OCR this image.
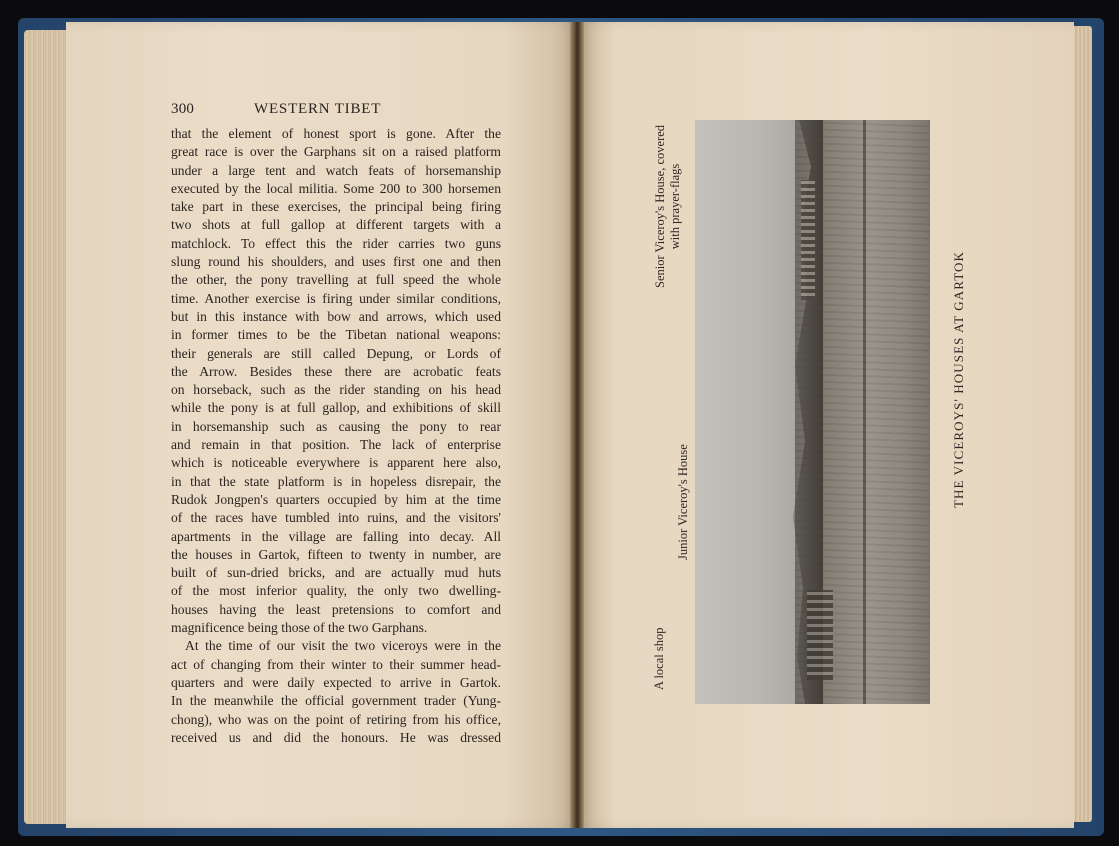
300	WESTERN TIBET
that the element of honest sport is gone. After the
great race is over the Garphans sit on a raised platform
under a large tent and watch feats of horsemanship
executed by the local militia. Some 200 to 300 horsemen
take part in these exercises, the principal being firing
two shots at full gallop at different targets with a
matchlock. To effect this the rider carries two guns
slung round his shoulders, and uses first one and then
the other, the pony travelling at full speed the whole
time. Another exercise is firing under similar conditions,
but in this instance with bow and arrows, which used
in former times to be the Tibetan national weapons:
their generals are still called Depung, or Lords of
the Arrow. Besides these there are acrobatic feats
on horseback, such as the rider standing on his head
while the pony is at full gallop, and exhibitions of skill
in horsemanship such as causing the pony to rear
and remain in that position. The lack of enterprise
which is noticeable everywhere is apparent here also,
in that the state platform is in hopeless disrepair, the
Rudok Jongpen's quarters occupied by him at the time
of the races have tumbled into ruins, and the visitors'
apartments in the village are falling into decay. All
the houses in Gartok, fifteen to twenty in number, are
built of sun-dried bricks, and are actually mud huts
of the most inferior quality, the only two dwelling-
houses having the least pretensions to comfort and
magnificence being those of the two Garphans.
At the time of our visit the two viceroys were in the
act of changing from their winter to their summer head-
quarters and were daily expected to arrive in Gartok.
In the meanwhile the official government trader (Yung-
chong), who was on the point of retiring from his office,
received us and did the honours. He was dressed
A local shop
Junior Viceroy's House
Senior Viceroy's House, covered with prayer-flags
THE VICEROYS' HOUSES AT GARTOK
